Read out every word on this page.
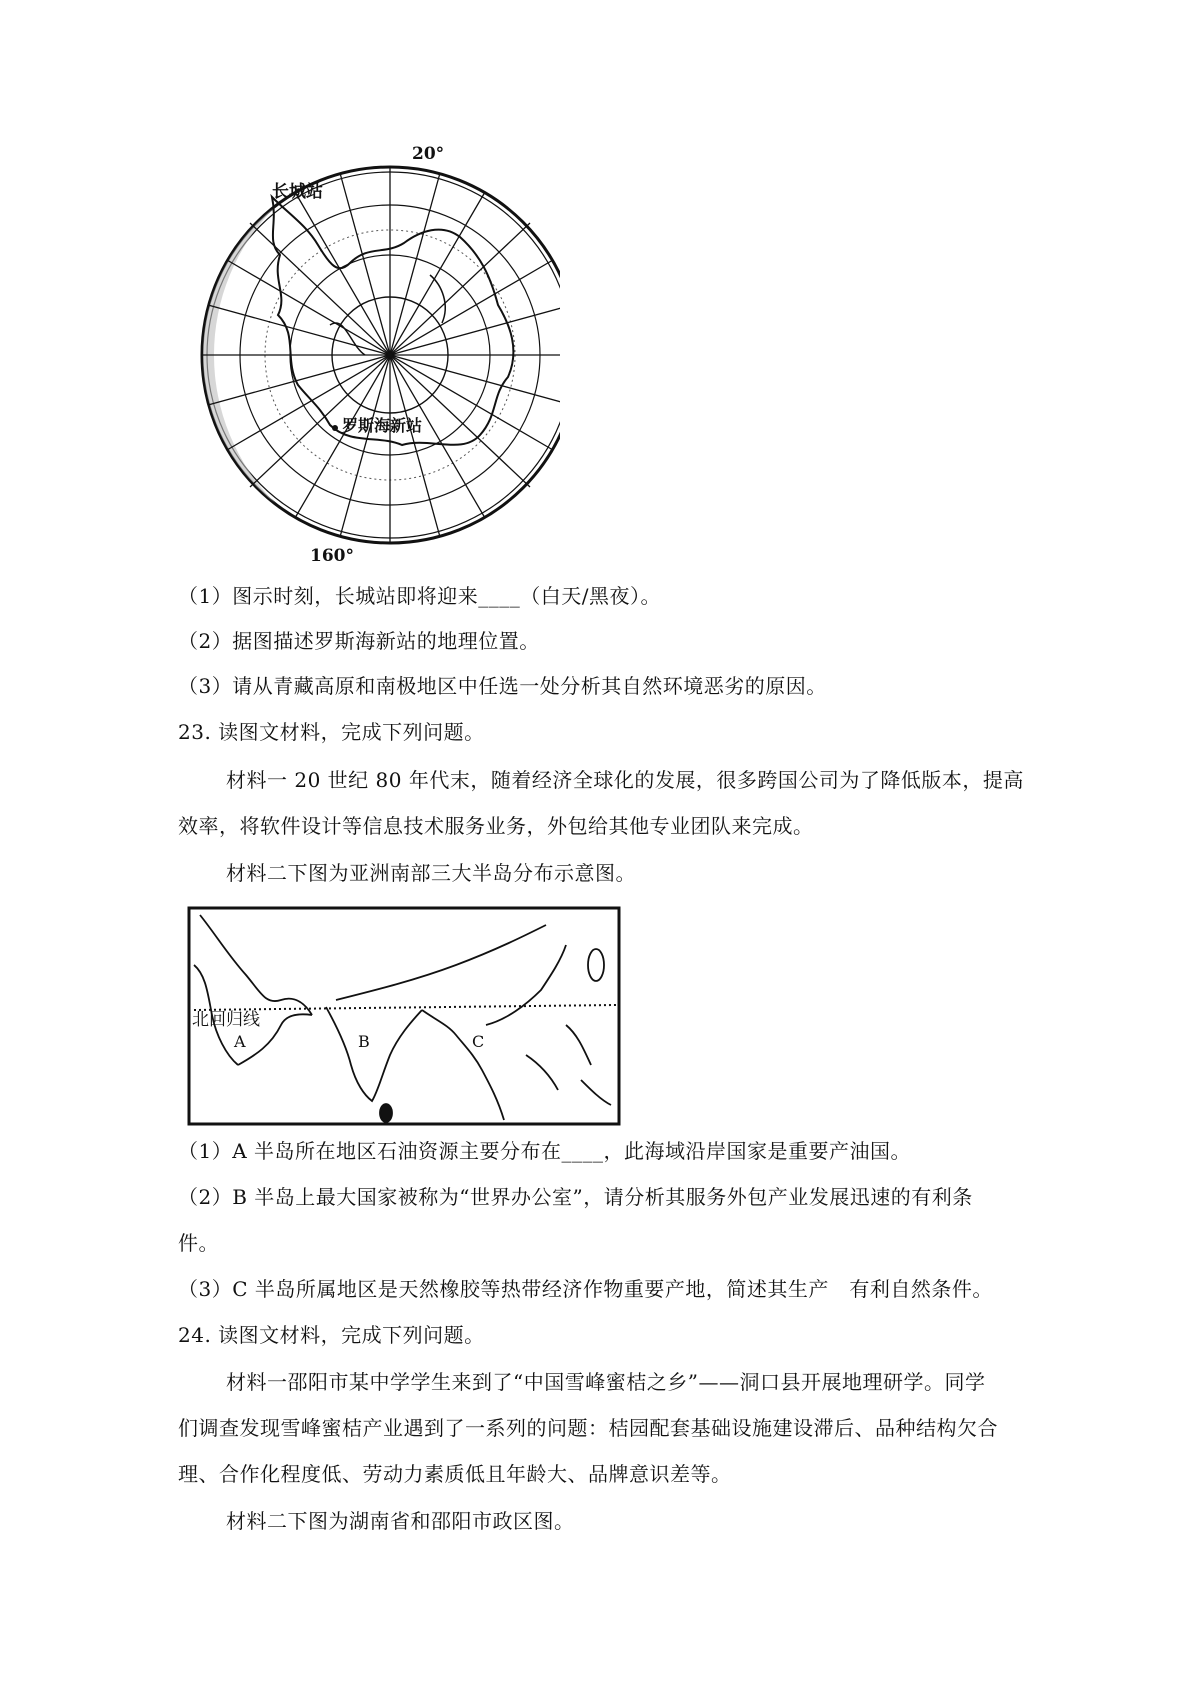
20°
160°
长城站
罗斯海新站
（1）图示时刻，长城站即将迎来____（白天/黑夜）。
（2）据图描述罗斯海新站的地理位置。
（3）请从青藏高原和南极地区中任选一处分析其自然环境恶劣的原因。
23. 读图文材料，完成下列问题。
材料一 20 世纪 80 年代末，随着经济全球化的发展，很多跨国公司为了降低版本，提高
效率，将软件设计等信息技术服务业务，外包给其他专业团队来完成。
材料二下图为亚洲南部三大半岛分布示意图。
北回归线
A	B	C
（1）A 半岛所在地区石油资源主要分布在____，此海域沿岸国家是重要产油国。
（2）B 半岛上最大国家被称为“世界办公室”，请分析其服务外包产业发展迅速的有利条
件。
（3）C 半岛所属地区是天然橡胶等热带经济作物重要产地，简述其生产　有利自然条件。
24. 读图文材料，完成下列问题。
材料一邵阳市某中学学生来到了“中国雪峰蜜桔之乡”——洞口县开展地理研学。同学
们调查发现雪峰蜜桔产业遇到了一系列的问题：桔园配套基础设施建设滞后、品种结构欠合
理、合作化程度低、劳动力素质低且年龄大、品牌意识差等。
材料二下图为湖南省和邵阳市政区图。
